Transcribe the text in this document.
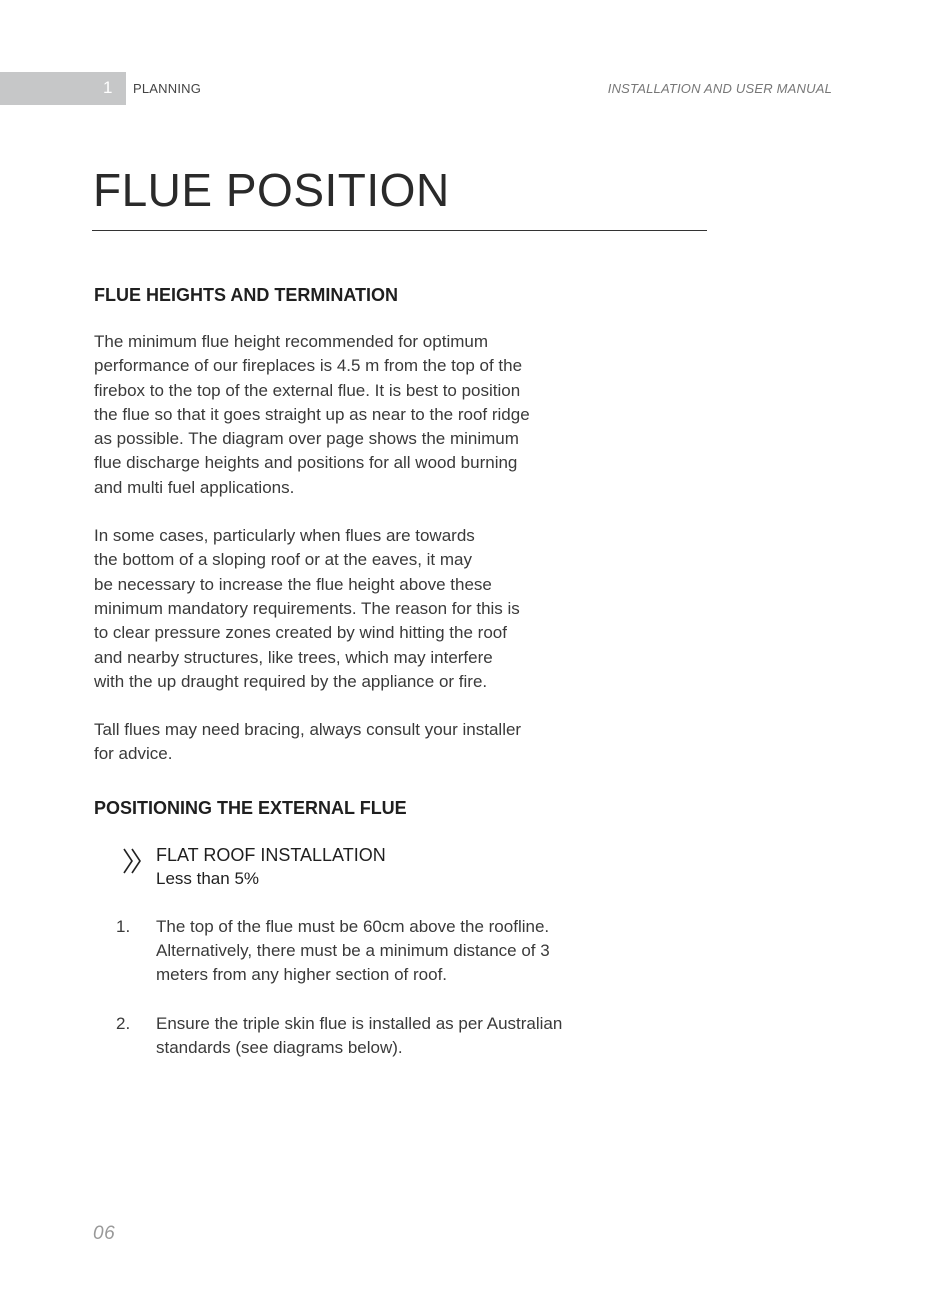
1 PLANNING	INSTALLATION AND USER MANUAL
FLUE POSITION
FLUE HEIGHTS AND TERMINATION

The minimum flue height recommended for optimum
performance of our fireplaces is 4.5 m from the top of the
firebox to the top of the external flue. It is best to position
the flue so that it goes straight up as near to the roof ridge
as possible. The diagram over page shows the minimum
flue discharge heights and positions for all wood burning
and multi fuel applications.

In some cases, particularly when flues are towards
the bottom of a sloping roof or at the eaves, it may
be necessary to increase the flue height above these
minimum mandatory requirements. The reason for this is
to clear pressure zones created by wind hitting the roof
and nearby structures, like trees, which may interfere
with the up draught required by the appliance or fire.

Tall flues may need bracing, always consult your installer
for advice.

POSITIONING THE EXTERNAL FLUE

FLAT ROOF INSTALLATION

Less than 5%

1. The top of the flue must be 60cm above the roofline.
Alternatively, there must be a minimum distance of 3
meters from any higher section of roof.
2. Ensure the triple skin flue is installed as per Australian
standards (see diagrams below).
06
